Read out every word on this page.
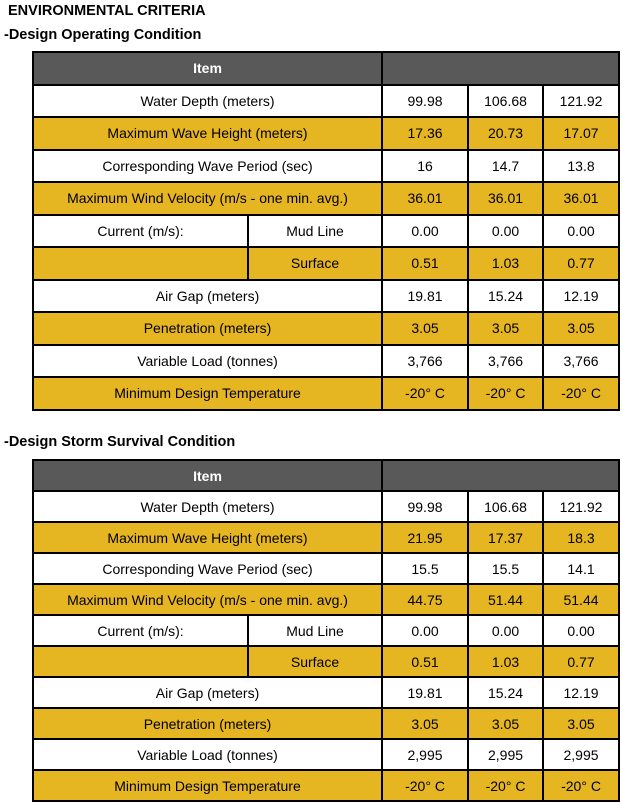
ENVIRONMENTAL CRITERIA
-Design Operating Condition
Item				
Water Depth (meters)		99.98	106.68	121.92
Maximum Wave Height (meters)		17.36	20.73	17.07
Corresponding Wave Period (sec)		16	14.7	13.8
Maximum Wind Velocity (m/s - one min. avg.)		36.01	36.01	36.01
Current (m/s):	Mud Line	0.00	0.00	0.00
	Surface	0.51	1.03	0.77
Air Gap (meters)		19.81	15.24	12.19
Penetration (meters)		3.05	3.05	3.05
Variable Load (tonnes)		3,766	3,766	3,766
Minimum Design Temperature		-20° C	-20° C	-20° C
-Design Storm Survival Condition
Item				
Water Depth (meters)		99.98	106.68	121.92
Maximum Wave Height (meters)		21.95	17.37	18.3
Corresponding Wave Period (sec)		15.5	15.5	14.1
Maximum Wind Velocity (m/s - one min. avg.)		44.75	51.44	51.44
Current (m/s):	Mud Line	0.00	0.00	0.00
	Surface	0.51	1.03	0.77
Air Gap (meters)		19.81	15.24	12.19
Penetration (meters)		3.05	3.05	3.05
Variable Load (tonnes)		2,995	2,995	2,995
Minimum Design Temperature		-20° C	-20° C	-20° C
